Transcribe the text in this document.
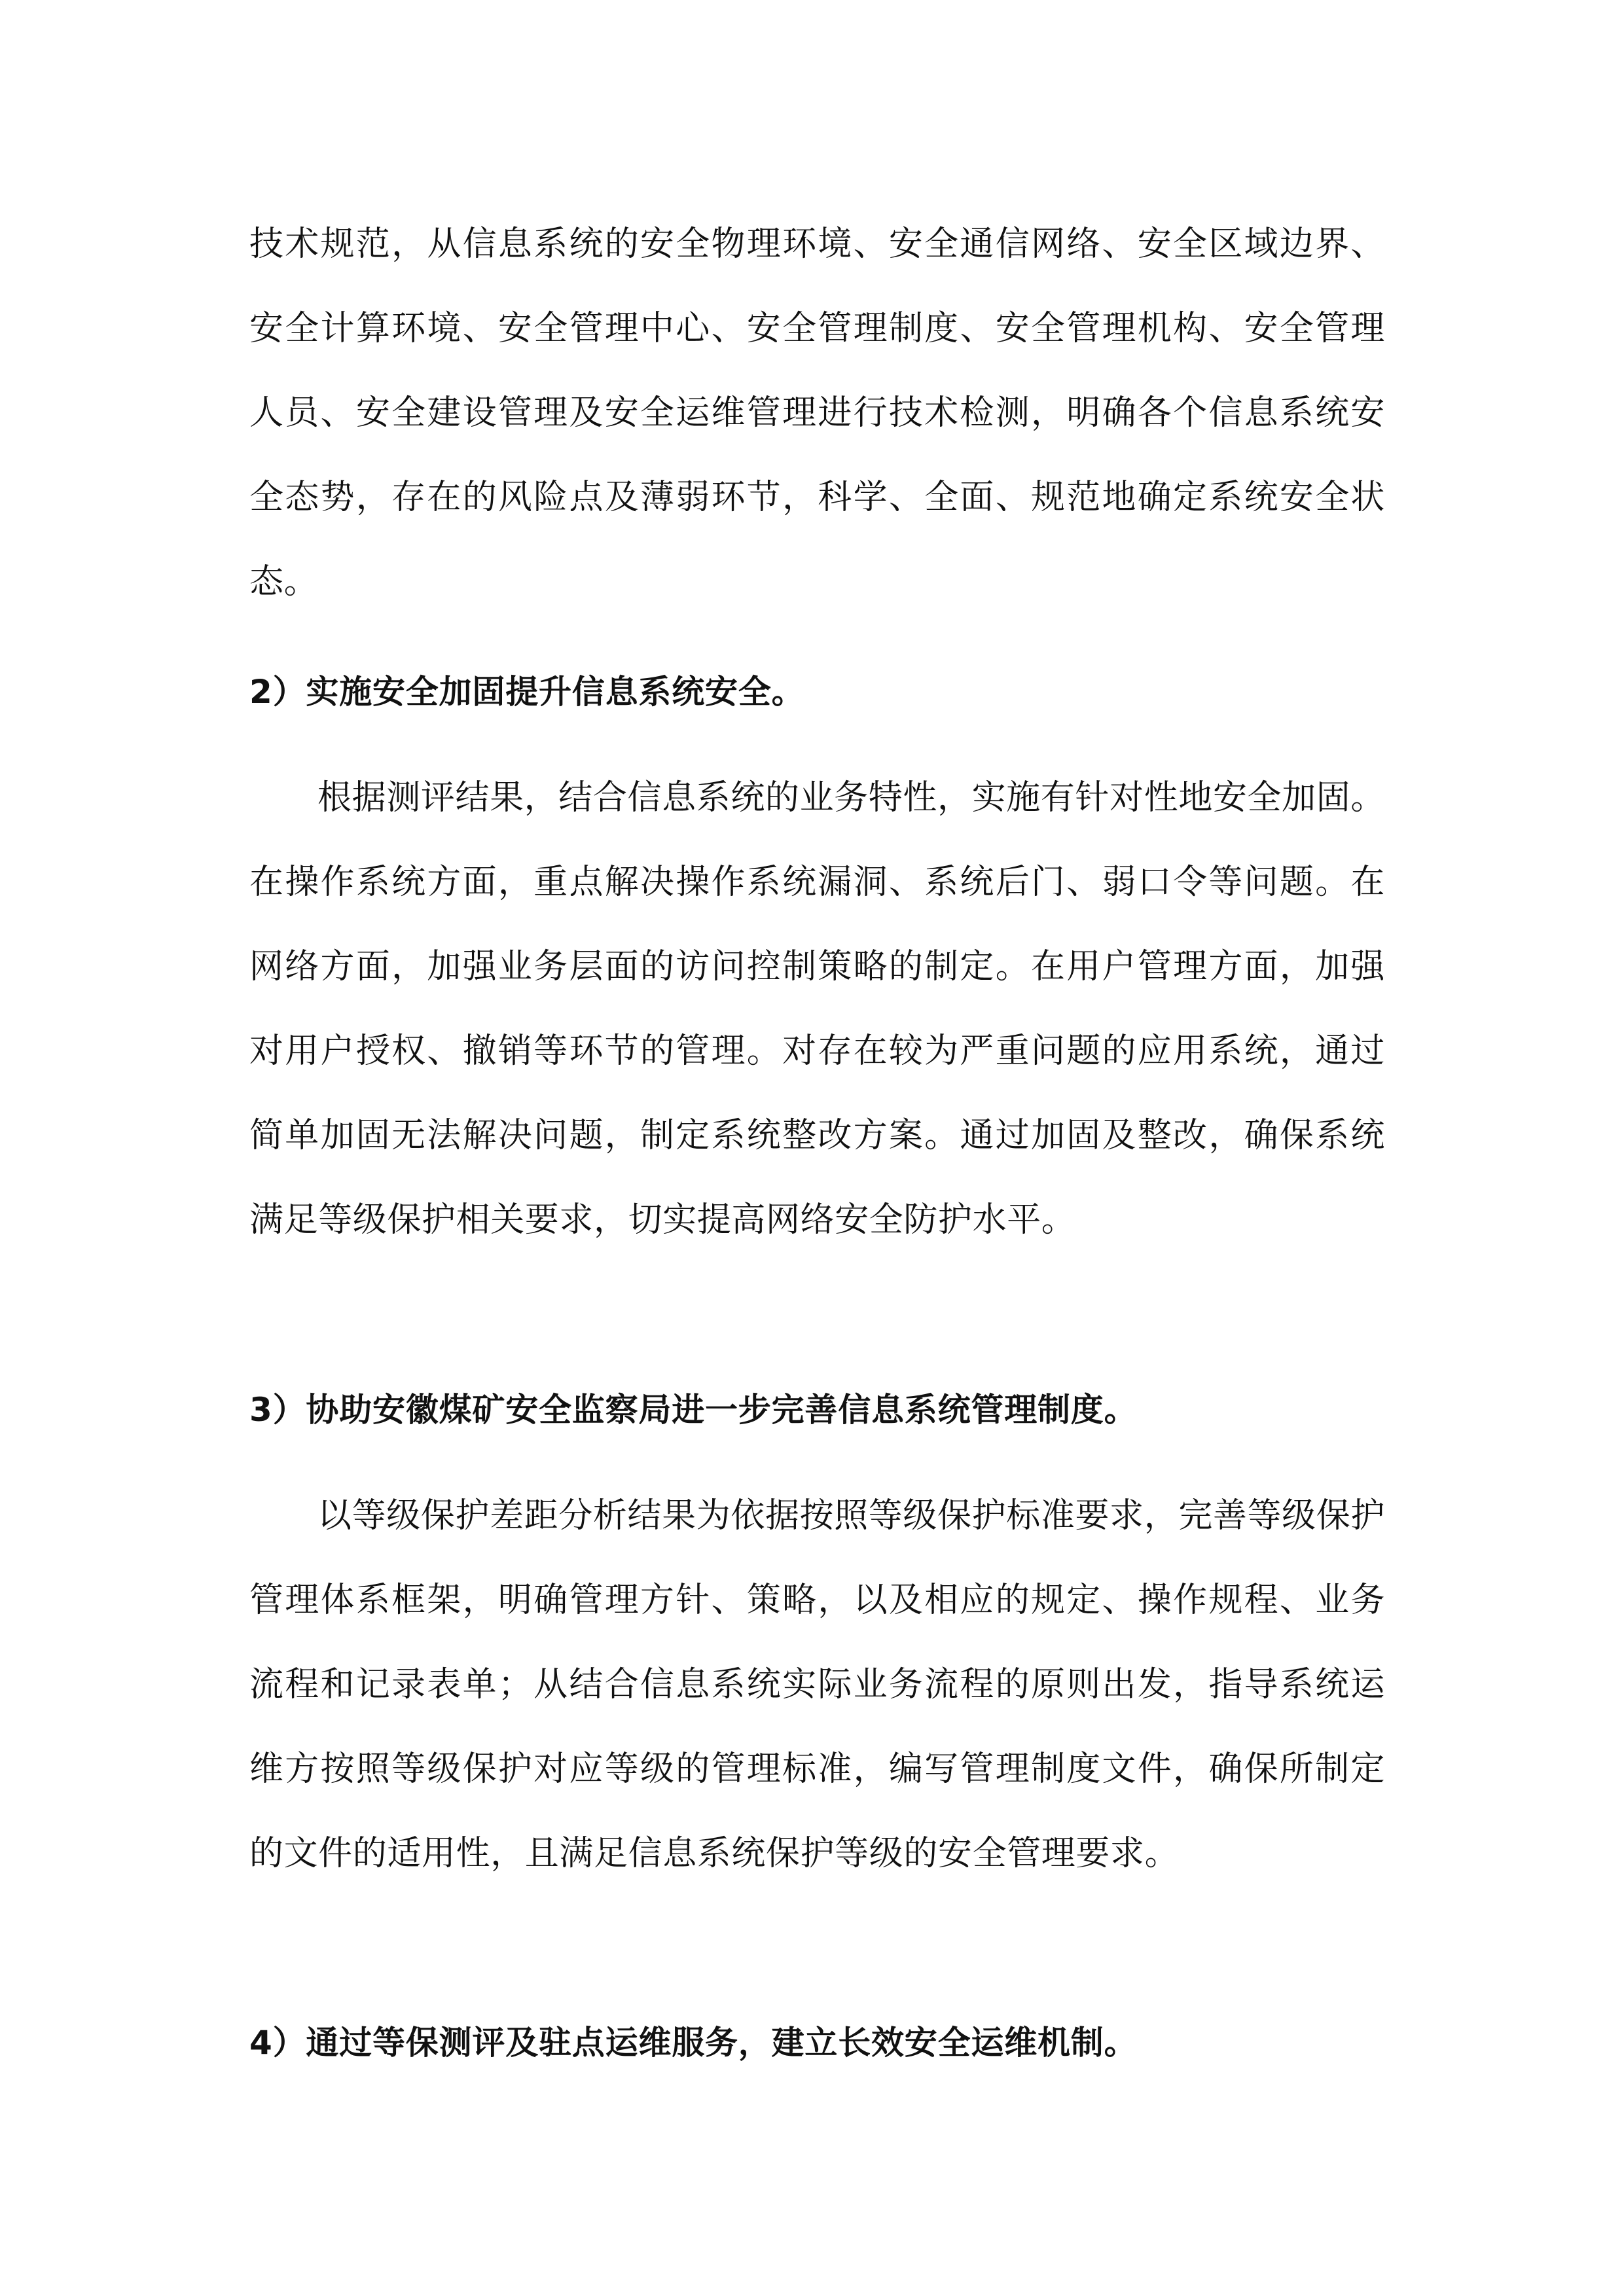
技术规范，从信息系统的安全物理环境、安全通信网络、安全区域边界、安全计算环境、安全管理中心、安全管理制度、安全管理机构、安全管理人员、安全建设管理及安全运维管理进行技术检测，明确各个信息系统安全态势，存在的风险点及薄弱环节，科学、全面、规范地确定系统安全状态。

2）实施安全加固提升信息系统安全。

根据测评结果，结合信息系统的业务特性，实施有针对性地安全加固。在操作系统方面，重点解决操作系统漏洞、系统后门、弱口令等问题。在网络方面，加强业务层面的访问控制策略的制定。在用户管理方面，加强对用户授权、撤销等环节的管理。对存在较为严重问题的应用系统，通过简单加固无法解决问题，制定系统整改方案。通过加固及整改，确保系统满足等级保护相关要求，切实提高网络安全防护水平。

3）协助安徽煤矿安全监察局进一步完善信息系统管理制度。

以等级保护差距分析结果为依据按照等级保护标准要求，完善等级保护管理体系框架，明确管理方针、策略，以及相应的规定、操作规程、业务流程和记录表单；从结合信息系统实际业务流程的原则出发，指导系统运维方按照等级保护对应等级的管理标准，编写管理制度文件，确保所制定的文件的适用性，且满足信息系统保护等级的安全管理要求。

4）通过等保测评及驻点运维服务，建立长效安全运维机制。
